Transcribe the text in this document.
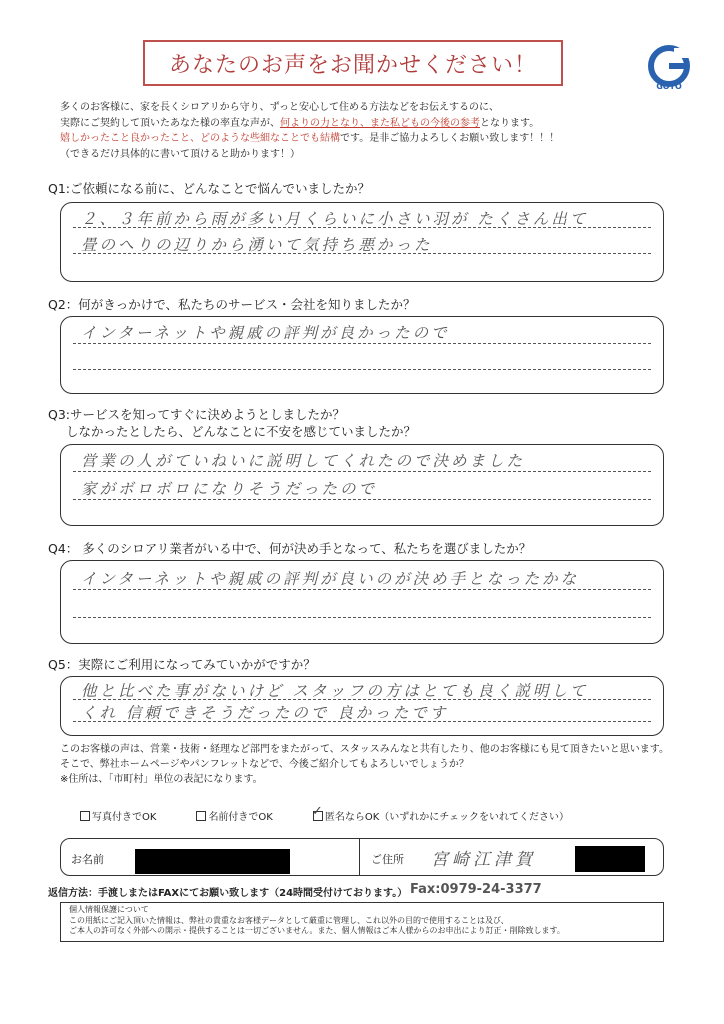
あなたのお声をお聞かせください！
GOTO
多くのお客様に、家を長くシロアリから守り、ずっと安心して住める方法などをお伝えするのに、
実際にご契約して頂いたあなた様の率直な声が、何よりの力となり、また私どもの今後の参考となります。
嬉しかったこと良かったこと、どのような些細なことでも結構です。是非ご協力よろしくお願い致します！！！
（できるだけ具体的に書いて頂けると助かります！）
Q1:ご依頼になる前に、どんなことで悩んでいましたか？
２、３年前から雨が多い月くらいに小さい羽が たくさん出て
畳のへりの辺りから湧いて気持ち悪かった
Q2：何がきっかけで、私たちのサービス・会社を知りましたか？
インターネットや親戚の評判が良かったので
Q3:サービスを知ってすぐに決めようとしましたか？
しなかったとしたら、どんなことに不安を感じていましたか？
営業の人がていねいに説明してくれたので決めました
家がボロボロになりそうだったので
Q4： 多くのシロアリ業者がいる中で、何が決め手となって、私たちを選びましたか？
インターネットや親戚の評判が良いのが決め手となったかな
Q5：実際にご利用になってみていかがですか？
他と比べた事がないけど スタッフの方はとても良く説明して
くれ 信頼できそうだったので 良かったです
このお客様の声は、営業・技術・経理など部門をまたがって、スタッスみんなと共有したり、他のお客様にも見て頂きたいと思います。
そこで、弊社ホームページやパンフレットなどで、今後ご紹介してもよろしいでしょうか？
※住所は、「市町村」単位の表記になります。
写真付きでOK	名前付きでOK	✓ 匿名ならOK（いずれかにチェックをいれてください）
お名前	ご住所 宮崎江津賀
返信方法：手渡しまたはFAXにてお願い致します（24時間受付けております。） Fax:0979-24-3377
個人情報保護について
この用紙にご記入頂いた情報は、弊社の貴重なお客様データとして厳重に管理し、これ以外の目的で使用することは及び、
ご本人の許可なく外部への開示・提供することは一切ございません。また、個人情報はご本人様からのお申出により訂正・削除致します。
